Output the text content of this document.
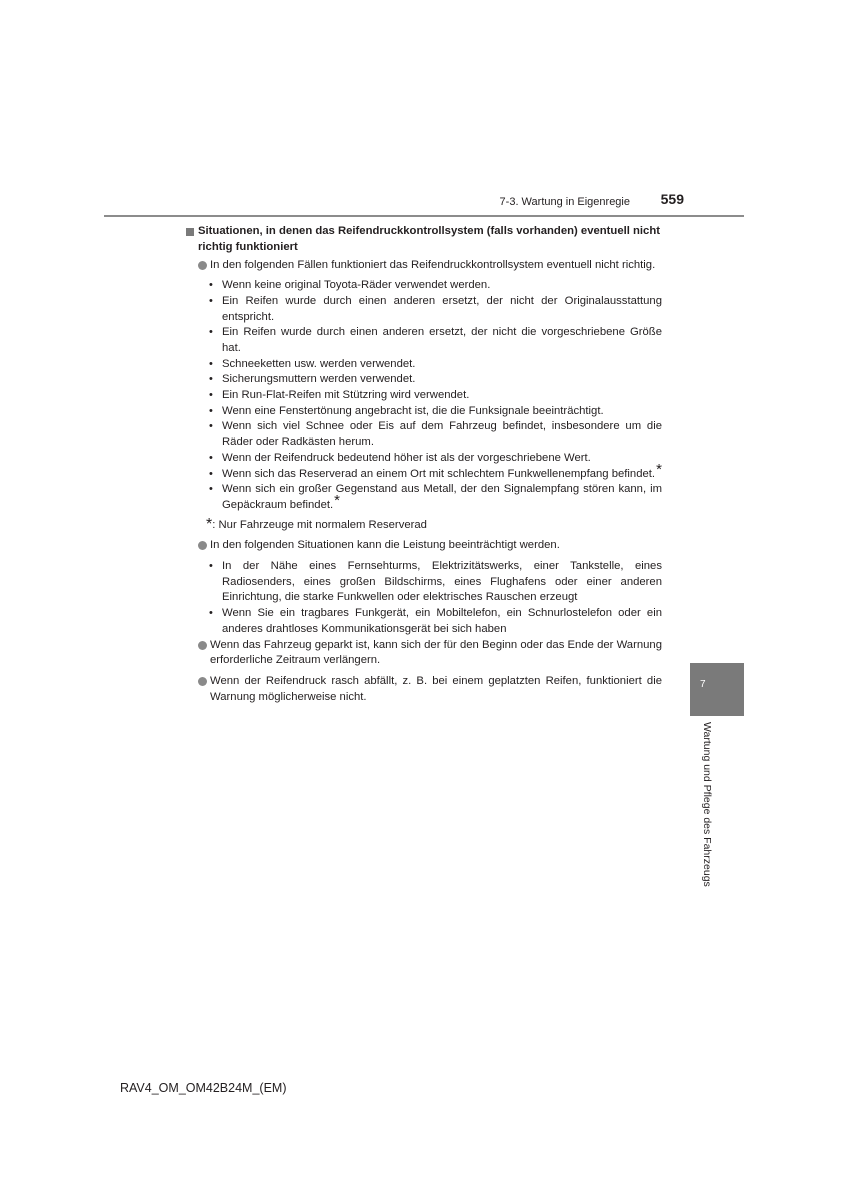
7-3. Wartung in Eigenregie	559

Situationen, in denen das Reifendruckkontrollsystem (falls vorhanden) eventuell nicht richtig funktioniert

In den folgenden Fällen funktioniert das Reifendruckkontrollsystem eventuell nicht richtig.

• Wenn keine original Toyota-Räder verwendet werden.
• Ein Reifen wurde durch einen anderen ersetzt, der nicht der Originalausstattung entspricht.
• Ein Reifen wurde durch einen anderen ersetzt, der nicht die vorgeschriebene Größe hat.
• Schneeketten usw. werden verwendet.
• Sicherungsmuttern werden verwendet.
• Ein Run-Flat-Reifen mit Stützring wird verwendet.
• Wenn eine Fenstertönung angebracht ist, die die Funksignale beeinträchtigt.
• Wenn sich viel Schnee oder Eis auf dem Fahrzeug befindet, insbesondere um die Räder oder Radkästen herum.
• Wenn der Reifendruck bedeutend höher ist als der vorgeschriebene Wert.
• Wenn sich das Reserverad an einem Ort mit schlechtem Funkwellenempfang befindet.*
• Wenn sich ein großer Gegenstand aus Metall, der den Signalempfang stören kann, im Gepäckraum befindet.*

*: Nur Fahrzeuge mit normalem Reserverad

In den folgenden Situationen kann die Leistung beeinträchtigt werden.

• In der Nähe eines Fernsehturms, Elektrizitätswerks, einer Tankstelle, eines Radiosenders, eines großen Bildschirms, eines Flughafens oder einer anderen Einrichtung, die starke Funkwellen oder elektrisches Rauschen erzeugt
• Wenn Sie ein tragbares Funkgerät, ein Mobiltelefon, ein Schnurlostelefon oder ein anderes drahtloses Kommunikationsgerät bei sich haben

Wenn das Fahrzeug geparkt ist, kann sich der für den Beginn oder das Ende der Warnung erforderliche Zeitraum verlängern.

Wenn der Reifendruck rasch abfällt, z. B. bei einem geplatzten Reifen, funktioniert die Warnung möglicherweise nicht.

7
Wartung und Pflege des Fahrzeugs
RAV4_OM_OM42B24M_(EM)
